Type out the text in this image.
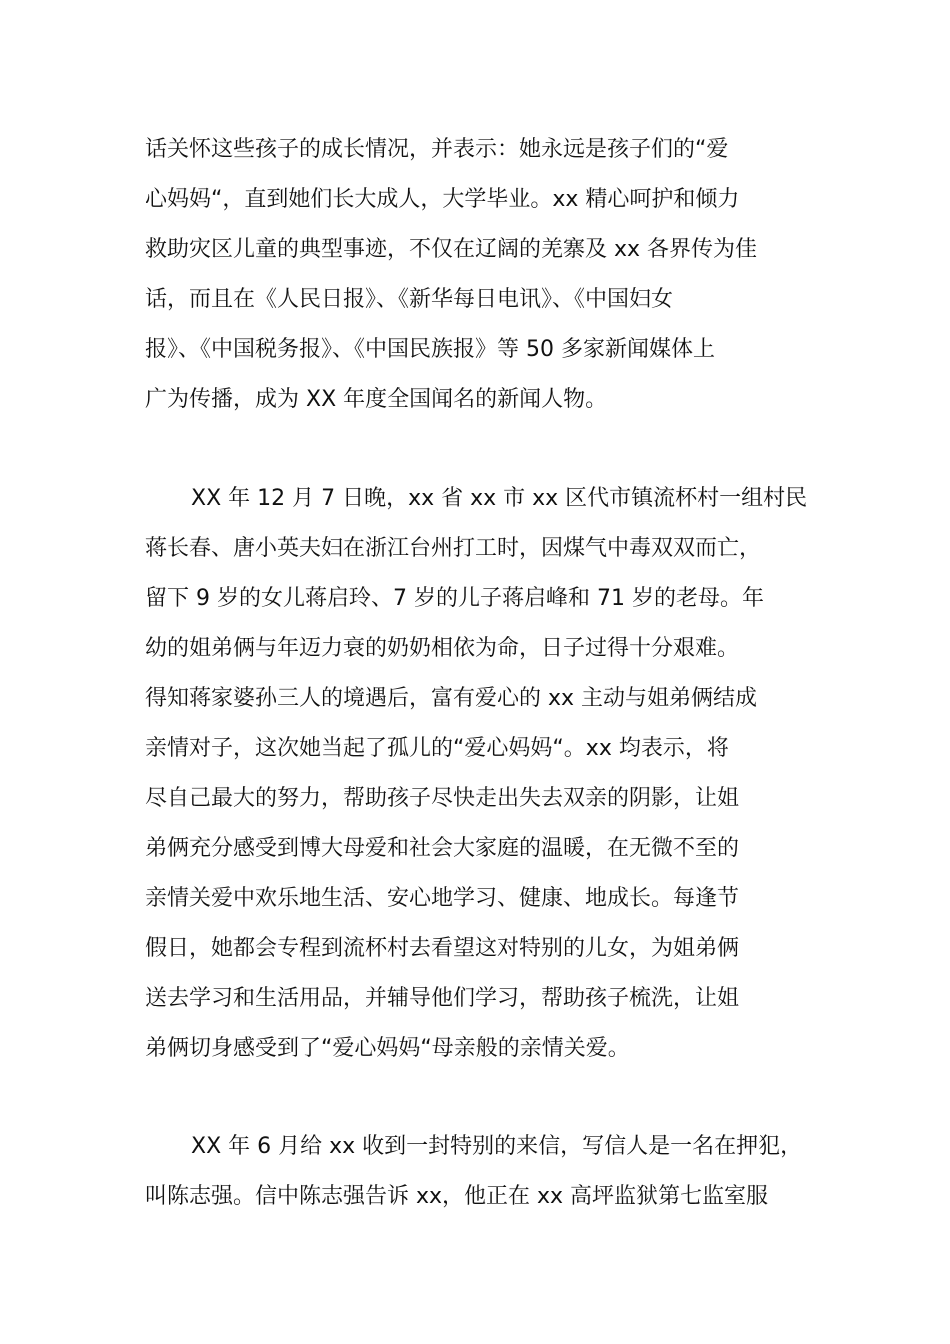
话关怀这些孩子的成长情况，并表示：她永远是孩子们的“爱
心妈妈“，直到她们长大成人，大学毕业。xx 精心呵护和倾力
救助灾区儿童的典型事迹，不仅在辽阔的羌寨及 xx 各界传为佳
话，而且在《人民日报》、《新华每日电讯》、《中国妇女
报》、《中国税务报》、《中国民族报》等 50 多家新闻媒体上
广为传播，成为 XX 年度全国闻名的新闻人物。
XX 年 12 月 7 日晚，xx 省 xx 市 xx 区代市镇流杯村一组村民
蒋长春、唐小英夫妇在浙江台州打工时，因煤气中毒双双而亡，
留下 9 岁的女儿蒋启玲、7 岁的儿子蒋启峰和 71 岁的老母。年
幼的姐弟俩与年迈力衰的奶奶相依为命，日子过得十分艰难。
得知蒋家婆孙三人的境遇后，富有爱心的 xx 主动与姐弟俩结成
亲情对子，这次她当起了孤儿的“爱心妈妈“。xx 均表示，将
尽自己最大的努力，帮助孩子尽快走出失去双亲的阴影，让姐
弟俩充分感受到博大母爱和社会大家庭的温暖，在无微不至的
亲情关爱中欢乐地生活、安心地学习、健康、地成长。每逢节
假日，她都会专程到流杯村去看望这对特别的儿女，为姐弟俩
送去学习和生活用品，并辅导他们学习，帮助孩子梳洗，让姐
弟俩切身感受到了“爱心妈妈“母亲般的亲情关爱。
XX 年 6 月给 xx 收到一封特别的来信，写信人是一名在押犯，
叫陈志强。信中陈志强告诉 xx，他正在 xx 高坪监狱第七监室服
